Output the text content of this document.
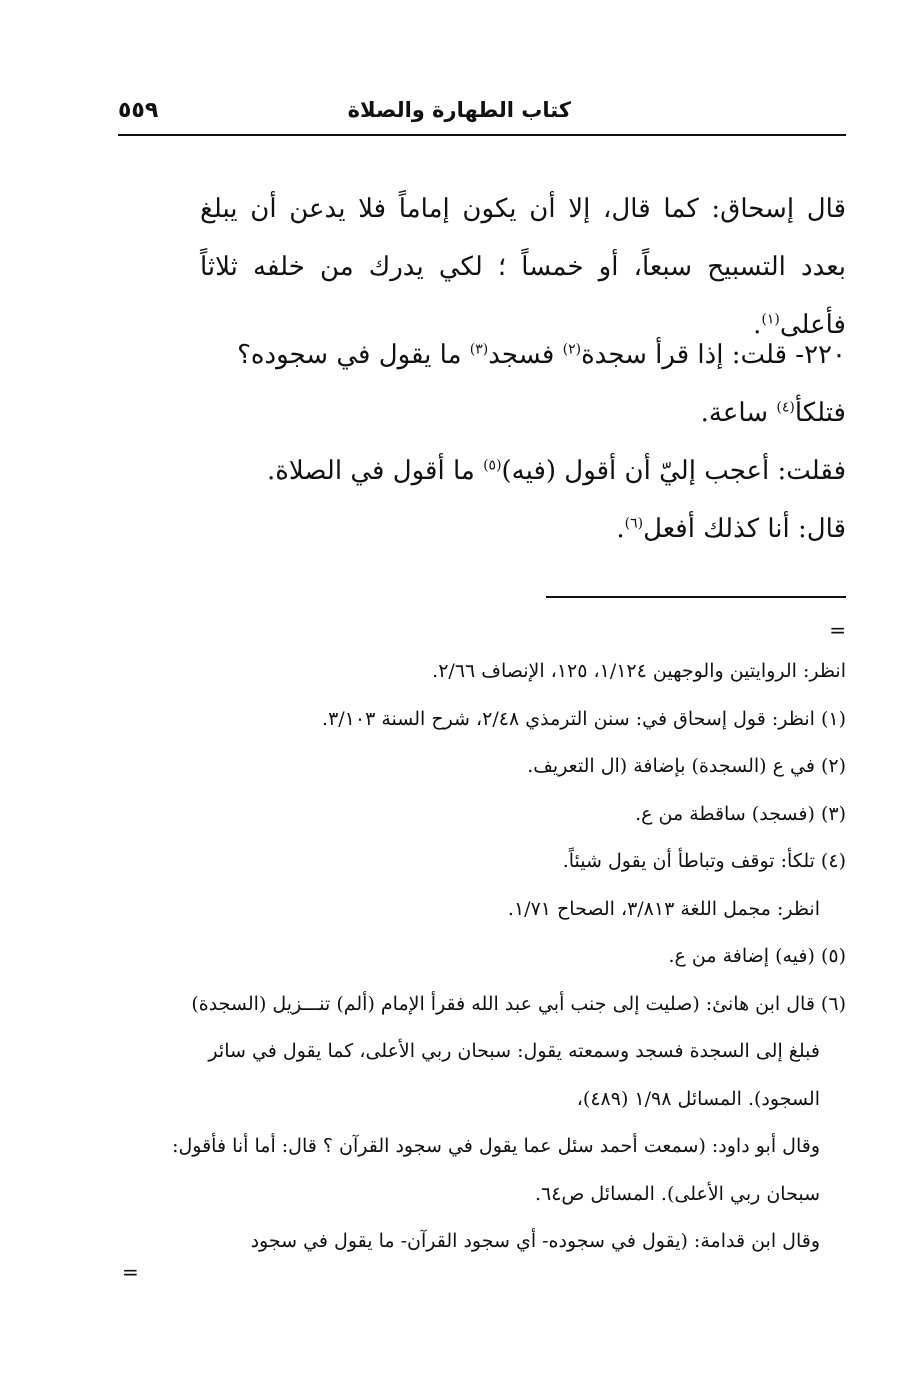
كتاب الطهارة والصلاة
٥٥٩

قال إسحاق: كما قال، إلا أن يكون إماماً فلا يدعن أن يبلغ بعدد التسبيح سبعاً، أو خمساً ؛ لكي يدرك من خلفه ثلاثاً فأعلى$^{(١)}$.

٢٢٠- قلت: إذا قرأ سجدة$^{(٢)}$ فسجد$^{(٣)}$ ما يقول في سجوده؟

فتلكأ$^{(٤)}$ ساعة.

فقلت: أعجب إليّ أن أقول (فيه)$^{(٥)}$ ما أقول في الصلاة.

قال: أنا كذلك أفعل$^{(٦)}$.

=
انظر: الروايتين والوجهين ١/١٢٤، ١٢٥، الإنصاف ٢/٦٦.
(١) انظر: قول إسحاق في: سنن الترمذي ٢/٤٨، شرح السنة ٣/١٠٣.
(٢) في ع (السجدة) بإضافة (ال التعريف.
(٣) (فسجد) ساقطة من ع.
(٤) تلكأ: توقف وتباطأ أن يقول شيئاً.
انظر: مجمل اللغة ٣/٨١٣، الصحاح ١/٧١.
(٥) (فيه) إضافة من ع.
(٦) قال ابن هانئ: (صليت إلى جنب أبي عبد الله فقرأ الإمام (ألم) تنـــزيل (السجدة)
فبلغ إلى السجدة فسجد وسمعته يقول: سبحان ربي الأعلى، كما يقول في سائر
السجود). المسائل ١/٩٨ (٤٨٩)،
وقال أبو داود: (سمعت أحمد سئل عما يقول في سجود القرآن ؟ قال: أما أنا فأقول:
سبحان ربي الأعلى). المسائل ص٦٤.
وقال ابن قدامة: (يقول في سجوده- أي سجود القرآن- ما يقول في سجود
=
